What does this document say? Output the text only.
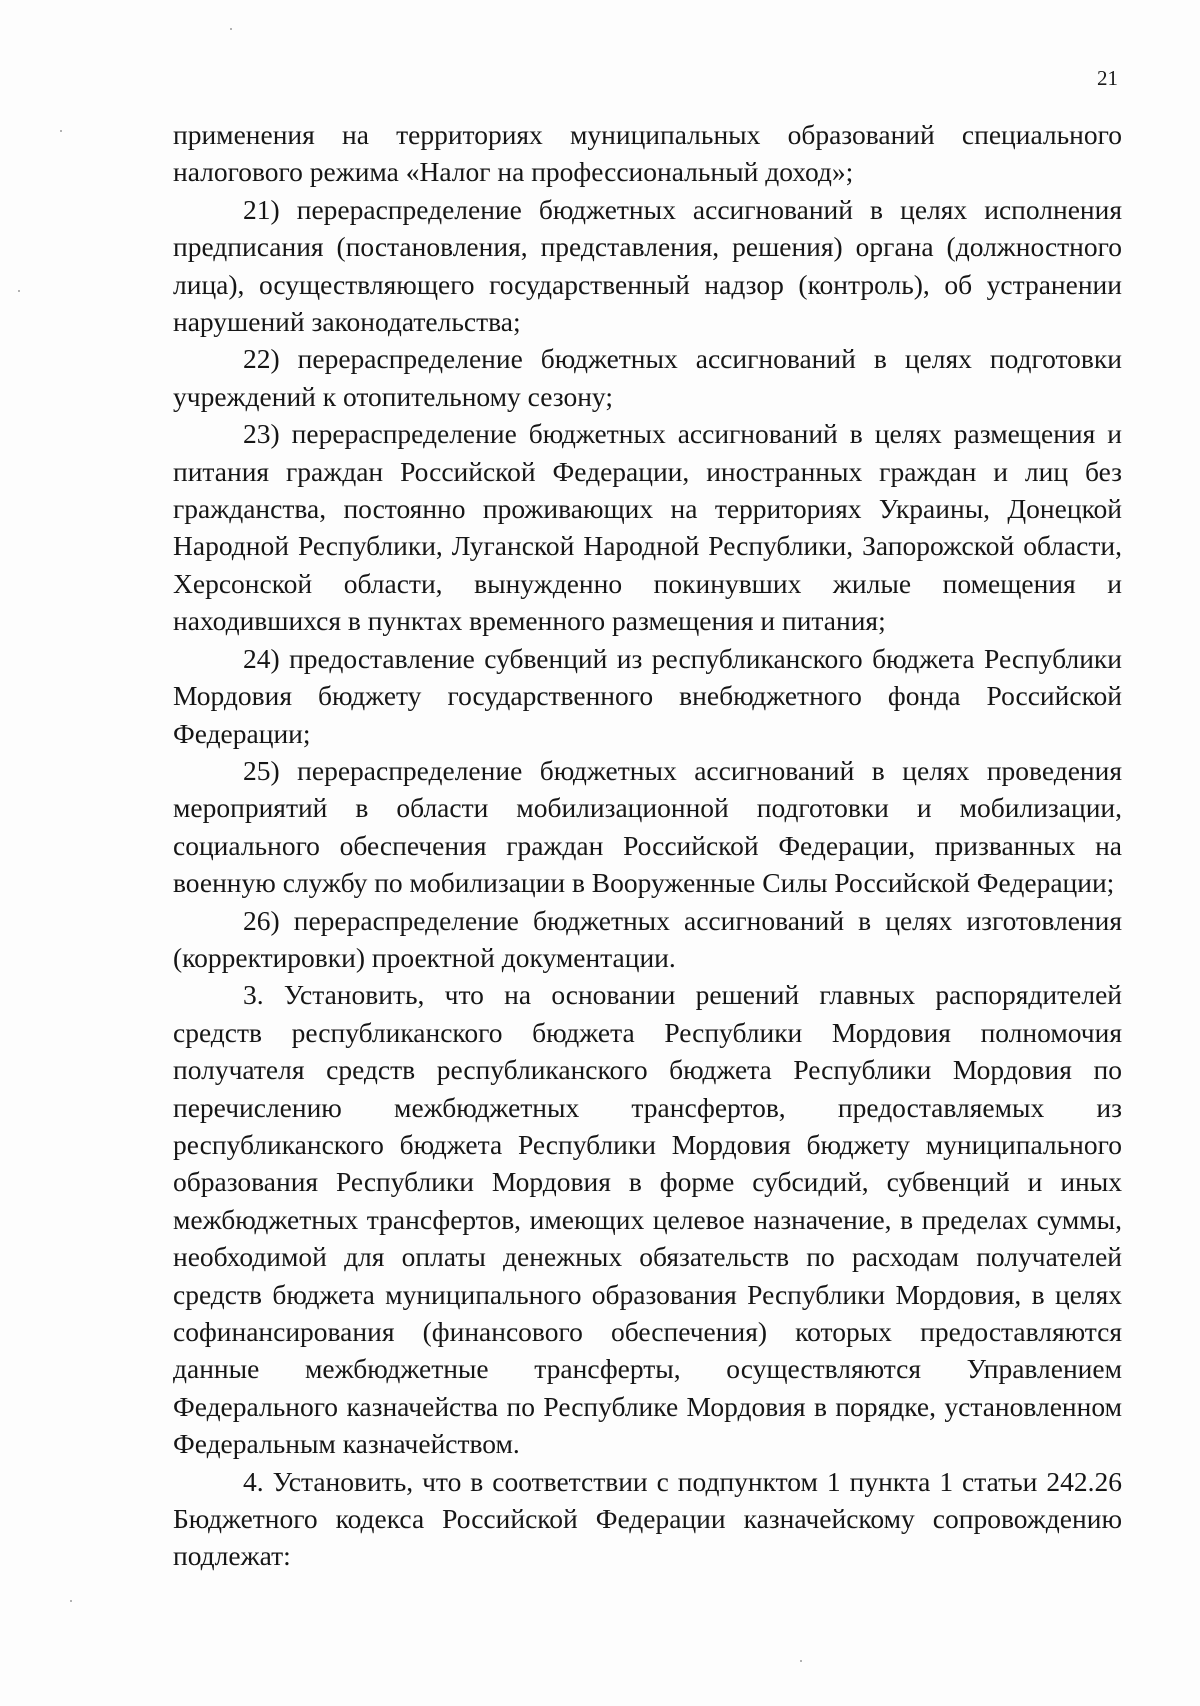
21

применения на территориях муниципальных образований специального налогового режима «Налог на профессиональный доход»;

21) перераспределение бюджетных ассигнований в целях исполнения предписания (постановления, представления, решения) органа (должностного лица), осуществляющего государственный надзор (контроль), об устранении нарушений законодательства;

22) перераспределение бюджетных ассигнований в целях подготовки учреждений к отопительному сезону;

23) перераспределение бюджетных ассигнований в целях размещения и питания граждан Российской Федерации, иностранных граждан и лиц без гражданства, постоянно проживающих на территориях Украины, Донецкой Народной Республики, Луганской Народной Республики, Запорожской области, Херсонской области, вынужденно покинувших жилые помещения и находившихся в пунктах временного размещения и питания;

24) предоставление субвенций из республиканского бюджета Республики Мордовия бюджету государственного внебюджетного фонда Российской Федерации;

25) перераспределение бюджетных ассигнований в целях проведения мероприятий в области мобилизационной подготовки и мобилизации, социального обеспечения граждан Российской Федерации, призванных на военную службу по мобилизации в Вооруженные Силы Российской Федерации;

26) перераспределение бюджетных ассигнований в целях изготовления (корректировки) проектной документации.

3. Установить, что на основании решений главных распорядителей средств республиканского бюджета Республики Мордовия полномочия получателя средств республиканского бюджета Республики Мордовия по перечислению межбюджетных трансфертов, предоставляемых из республиканского бюджета Республики Мордовия бюджету муниципального образования Республики Мордовия в форме субсидий, субвенций и иных межбюджетных трансфертов, имеющих целевое назначение, в пределах суммы, необходимой для оплаты денежных обязательств по расходам получателей средств бюджета муниципального образования Республики Мордовия, в целях софинансирования (финансового обеспечения) которых предоставляются данные межбюджетные трансферты, осуществляются Управлением Федерального казначейства по Республике Мордовия в порядке, установленном Федеральным казначейством.

4. Установить, что в соответствии с подпунктом 1 пункта 1 статьи 242.26 Бюджетного кодекса Российской Федерации казначейскому сопровождению подлежат:
